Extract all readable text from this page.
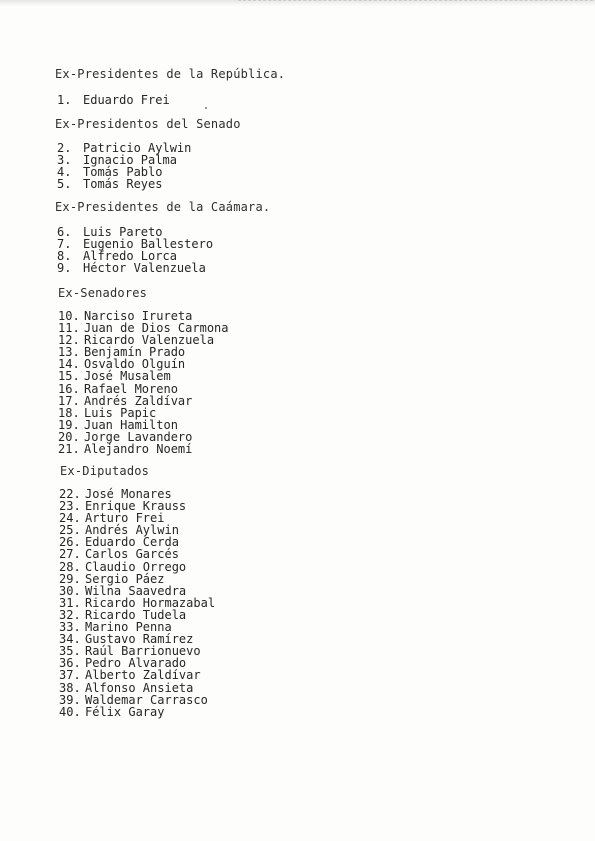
Ex-Presidentes de la República.
1. Eduardo Frei
Ex-Presidentos del Senado
2. Patricio Aylwin
3. Ignacio Palma
4. Tomás Pablo
5. Tomás Reyes
Ex-Presidentes de la Caámara.
6. Luis Pareto
7. Eugenio Ballestero
8. Alfredo Lorca
9. Héctor Valenzuela
Ex-Senadores
10. Narciso Irureta
11. Juan de Dios Carmona
12. Ricardo Valenzuela
13. Benjamín Prado
14. Osvaldo Olguín
15. José Musalem
16. Rafael Moreno
17. Andrés Zaldívar
18. Luis Papic
19. Juan Hamilton
20. Jorge Lavandero
21. Alejandro Noemí
Ex-Diputados
22. José Monares
23. Enrique Krauss
24. Arturo Frei
25. Andrés Aylwin
26. Eduardo Cerda
27. Carlos Garcés
28. Claudio Orrego
29. Sergio Páez
30. Wilna Saavedra
31. Ricardo Hormazabal
32. Ricardo Tudela
33. Marino Penna
34. Gustavo Ramírez
35. Raúl Barrionuevo
36. Pedro Alvarado
37. Alberto Zaldívar
38. Alfonso Ansieta
39. Waldemar Carrasco
40. Félix Garay
